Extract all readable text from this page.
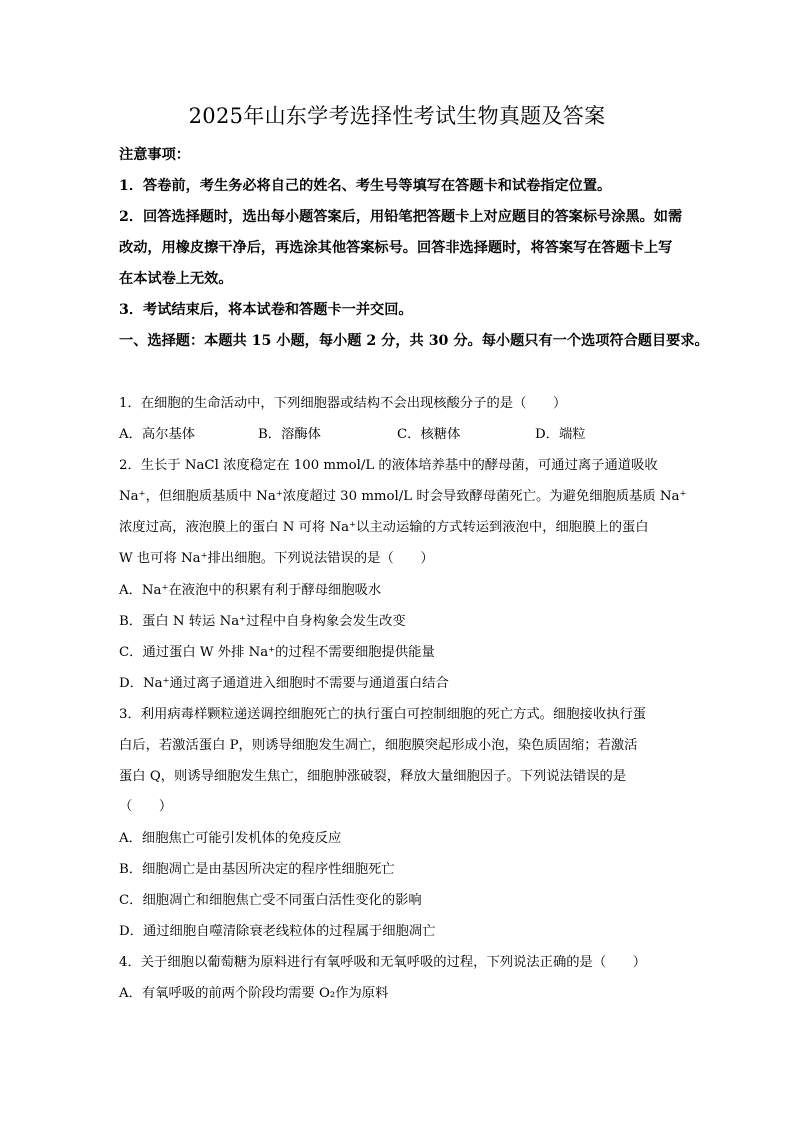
2025年山东学考选择性考试生物真题及答案
注意事项：
1．答卷前，考生务必将自己的姓名、考生号等填写在答题卡和试卷指定位置。
2．回答选择题时，选出每小题答案后，用铅笔把答题卡上对应题目的答案标号涂黑。如需
改动，用橡皮擦干净后，再选涂其他答案标号。回答非选择题时，将答案写在答题卡上写
在本试卷上无效。
3．考试结束后，将本试卷和答题卡一并交回。
一、选择题：本题共 15 小题，每小题 2 分，共 30 分。每小题只有一个选项符合题目要求。
1．在细胞的生命活动中，下列细胞器或结构不会出现核酸分子的是（　　）
A．高尔基体	B．溶酶体	C．核糖体	D．端粒
2．生长于 NaCl 浓度稳定在 100 mmol/L 的液体培养基中的酵母菌，可通过离子通道吸收
Na⁺，但细胞质基质中 Na⁺浓度超过 30 mmol/L 时会导致酵母菌死亡。为避免细胞质基质 Na⁺
浓度过高，液泡膜上的蛋白 N 可将 Na⁺以主动运输的方式转运到液泡中，细胞膜上的蛋白
W 也可将 Na⁺排出细胞。下列说法错误的是（　　）
A．Na⁺在液泡中的积累有利于酵母细胞吸水
B．蛋白 N 转运 Na⁺过程中自身构象会发生改变
C．通过蛋白 W 外排 Na⁺的过程不需要细胞提供能量
D．Na⁺通过离子通道进入细胞时不需要与通道蛋白结合
3．利用病毒样颗粒递送调控细胞死亡的执行蛋白可控制细胞的死亡方式。细胞接收执行蛋
白后，若激活蛋白 P，则诱导细胞发生凋亡，细胞膜突起形成小泡，染色质固缩；若激活
蛋白 Q，则诱导细胞发生焦亡，细胞肿涨破裂，释放大量细胞因子。下列说法错误的是
（　　）
A．细胞焦亡可能引发机体的免疫反应
B．细胞凋亡是由基因所决定的程序性细胞死亡
C．细胞凋亡和细胞焦亡受不同蛋白活性变化的影响
D．通过细胞自噬清除衰老线粒体的过程属于细胞凋亡
4．关于细胞以葡萄糖为原料进行有氧呼吸和无氧呼吸的过程，下列说法正确的是（　　）
A．有氧呼吸的前两个阶段均需要 O₂作为原料
